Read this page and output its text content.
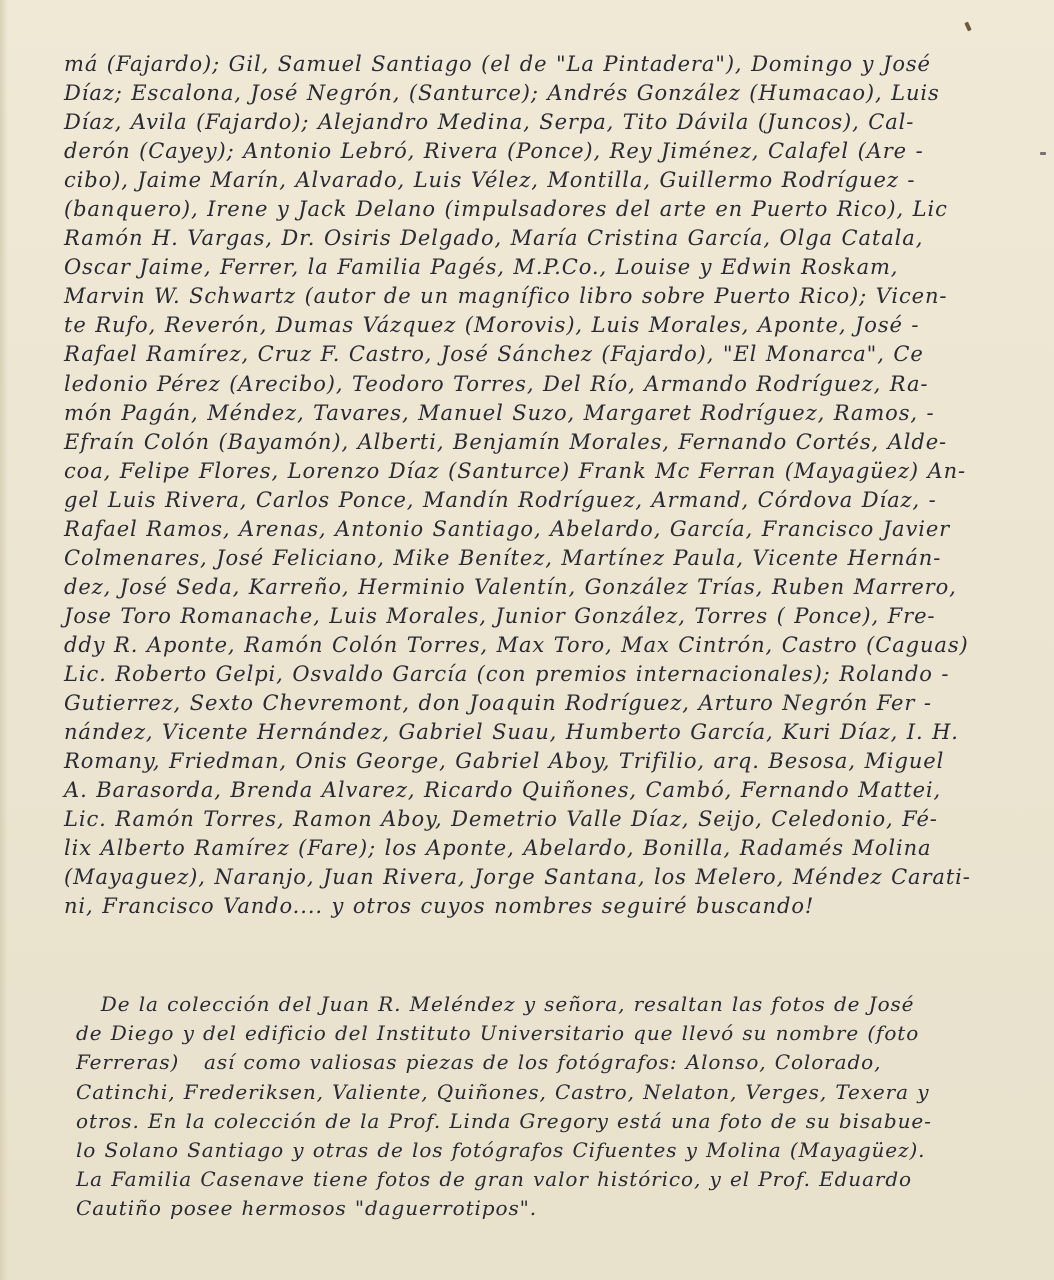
má (Fajardo); Gil, Samuel Santiago (el de "La Pintadera"), Domingo y José
Díaz; Escalona, José Negrón, (Santurce); Andrés González (Humacao), Luis
Díaz, Avila (Fajardo); Alejandro Medina, Serpa, Tito Dávila (Juncos), Cal-
derón (Cayey); Antonio Lebró, Rivera (Ponce), Rey Jiménez, Calafel (Are -
cibo), Jaime Marín, Alvarado, Luis Vélez, Montilla, Guillermo Rodríguez -
(banquero), Irene y Jack Delano (impulsadores del arte en Puerto Rico), Lic
Ramón H. Vargas, Dr. Osiris Delgado, María Cristina García, Olga Catala,
Oscar Jaime, Ferrer, la Familia Pagés, M.P.Co., Louise y Edwin Roskam,
Marvin W. Schwartz (autor de un magnífico libro sobre Puerto Rico); Vicen-
te Rufo, Reverón, Dumas Vázquez (Morovis), Luis Morales, Aponte, José -
Rafael Ramírez, Cruz F. Castro, José Sánchez (Fajardo), "El Monarca", Ce
ledonio Pérez (Arecibo), Teodoro Torres, Del Río, Armando Rodríguez, Ra-
món Pagán, Méndez, Tavares, Manuel Suzo, Margaret Rodríguez, Ramos, -
Efraín Colón (Bayamón), Alberti, Benjamín Morales, Fernando Cortés, Alde-
coa, Felipe Flores, Lorenzo Díaz (Santurce) Frank Mc Ferran (Mayagüez) An-
gel Luis Rivera, Carlos Ponce, Mandín Rodríguez, Armand, Córdova Díaz, -
Rafael Ramos, Arenas, Antonio Santiago, Abelardo, García, Francisco Javier
Colmenares, José Feliciano, Mike Benítez, Martínez Paula, Vicente Hernán-
dez, José Seda, Karreño, Herminio Valentín, González Trías, Ruben Marrero,
Jose Toro Romanache, Luis Morales, Junior González, Torres ( Ponce), Fre-
ddy R. Aponte, Ramón Colón Torres, Max Toro, Max Cintrón, Castro (Caguas)
Lic. Roberto Gelpi, Osvaldo García (con premios internacionales); Rolando -
Gutierrez, Sexto Chevremont, don Joaquin Rodríguez, Arturo Negrón Fer -
nández, Vicente Hernández, Gabriel Suau, Humberto García, Kuri Díaz, I. H.
Romany, Friedman, Onis George, Gabriel Aboy, Trifilio, arq. Besosa, Miguel
A. Barasorda, Brenda Alvarez, Ricardo Quiñones, Cambó, Fernando Mattei,
Lic. Ramón Torres, Ramon Aboy, Demetrio Valle Díaz, Seijo, Celedonio, Fé-
lix Alberto Ramírez (Fare); los Aponte, Abelardo, Bonilla, Radamés Molina
(Mayaguez), Naranjo, Juan Rivera, Jorge Santana, los Melero, Méndez Carati-
ni, Francisco Vando.... y otros cuyos nombres seguiré buscando!
De la colección del Juan R. Meléndez y señora, resaltan las fotos de José
de Diego y del edificio del Instituto Universitario que llevó su nombre (foto
Ferreras)   así como valiosas piezas de los fotógrafos: Alonso, Colorado,
Catinchi, Frederiksen, Valiente, Quiñones, Castro, Nelaton, Verges, Texera y
otros. En la colección de la Prof. Linda Gregory está una foto de su bisabue-
lo Solano Santiago y otras de los fotógrafos Cifuentes y Molina (Mayagüez).
La Familia Casenave tiene fotos de gran valor histórico, y el Prof. Eduardo
Cautiño posee hermosos "daguerrotipos".
